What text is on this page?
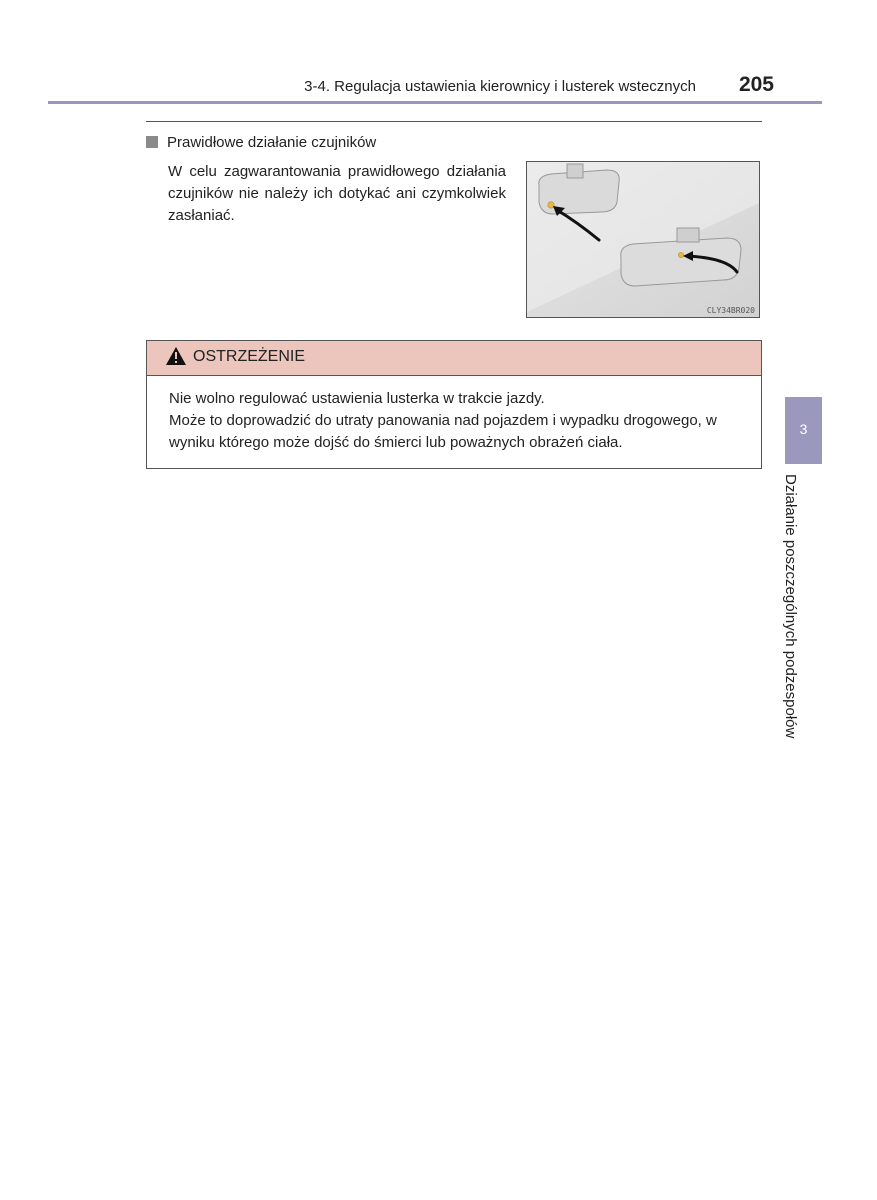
3-4. Regulacja ustawienia kierownicy i lusterek wstecznych	205
Prawidłowe działanie czujników
W celu zagwarantowania prawidłowego działania czujników nie należy ich dotykać ani czymkolwiek zasłaniać.
CLY34BR020
OSTRZEŻENIE

Nie wolno regulować ustawienia lusterka w trakcie jazdy.

Może to doprowadzić do utraty panowania nad pojazdem i wypadku drogowego, w wyniku którego może dojść do śmierci lub poważnych obrażeń ciała.

3
Działanie poszczególnych podzespołów
